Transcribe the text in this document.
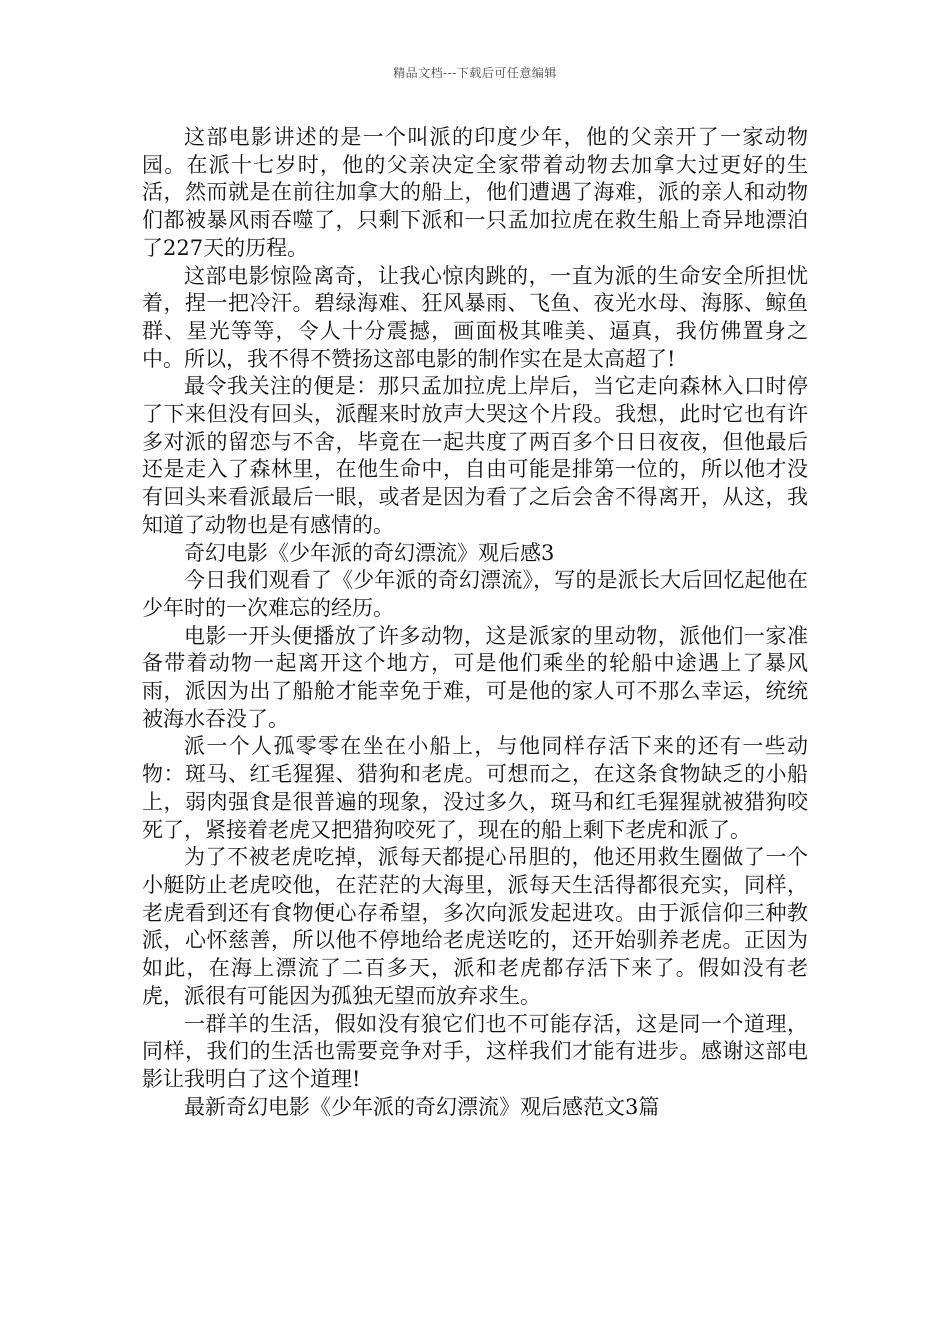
精品文档---下载后可任意编辑

这部电影讲述的是一个叫派的印度少年，他的父亲开了一家动物园。在派十七岁时，他的父亲决定全家带着动物去加拿大过更好的生活，然而就是在前往加拿大的船上，他们遭遇了海难，派的亲人和动物们都被暴风雨吞噬了，只剩下派和一只孟加拉虎在救生船上奇异地漂泊了227天的历程。

这部电影惊险离奇，让我心惊肉跳的，一直为派的生命安全所担忧着，捏一把冷汗。碧绿海难、狂风暴雨、飞鱼、夜光水母、海豚、鲸鱼群、星光等等，令人十分震撼，画面极其唯美、逼真，我仿佛置身之中。所以，我不得不赞扬这部电影的制作实在是太高超了!

最令我关注的便是：那只孟加拉虎上岸后，当它走向森林入口时停了下来但没有回头，派醒来时放声大哭这个片段。我想，此时它也有许多对派的留恋与不舍，毕竟在一起共度了两百多个日日夜夜，但他最后还是走入了森林里，在他生命中，自由可能是排第一位的，所以他才没有回头来看派最后一眼，或者是因为看了之后会舍不得离开，从这，我知道了动物也是有感情的。

奇幻电影《少年派的奇幻漂流》观后感3

今日我们观看了《少年派的奇幻漂流》，写的是派长大后回忆起他在少年时的一次难忘的经历。

电影一开头便播放了许多动物，这是派家的里动物，派他们一家准备带着动物一起离开这个地方，可是他们乘坐的轮船中途遇上了暴风雨，派因为出了船舱才能幸免于难，可是他的家人可不那么幸运，统统被海水吞没了。

派一个人孤零零在坐在小船上，与他同样存活下来的还有一些动物：斑马、红毛猩猩、猎狗和老虎。可想而之，在这条食物缺乏的小船上，弱肉强食是很普遍的现象，没过多久，斑马和红毛猩猩就被猎狗咬死了，紧接着老虎又把猎狗咬死了，现在的船上剩下老虎和派了。

为了不被老虎吃掉，派每天都提心吊胆的，他还用救生圈做了一个小艇防止老虎咬他，在茫茫的大海里，派每天生活得都很充实，同样，老虎看到还有食物便心存希望，多次向派发起进攻。由于派信仰三种教派，心怀慈善，所以他不停地给老虎送吃的，还开始驯养老虎。正因为如此，在海上漂流了二百多天，派和老虎都存活下来了。假如没有老虎，派很有可能因为孤独无望而放弃求生。

一群羊的生活，假如没有狼它们也不可能存活，这是同一个道理，同样，我们的生活也需要竞争对手，这样我们才能有进步。感谢这部电影让我明白了这个道理!

最新奇幻电影《少年派的奇幻漂流》观后感范文3篇
